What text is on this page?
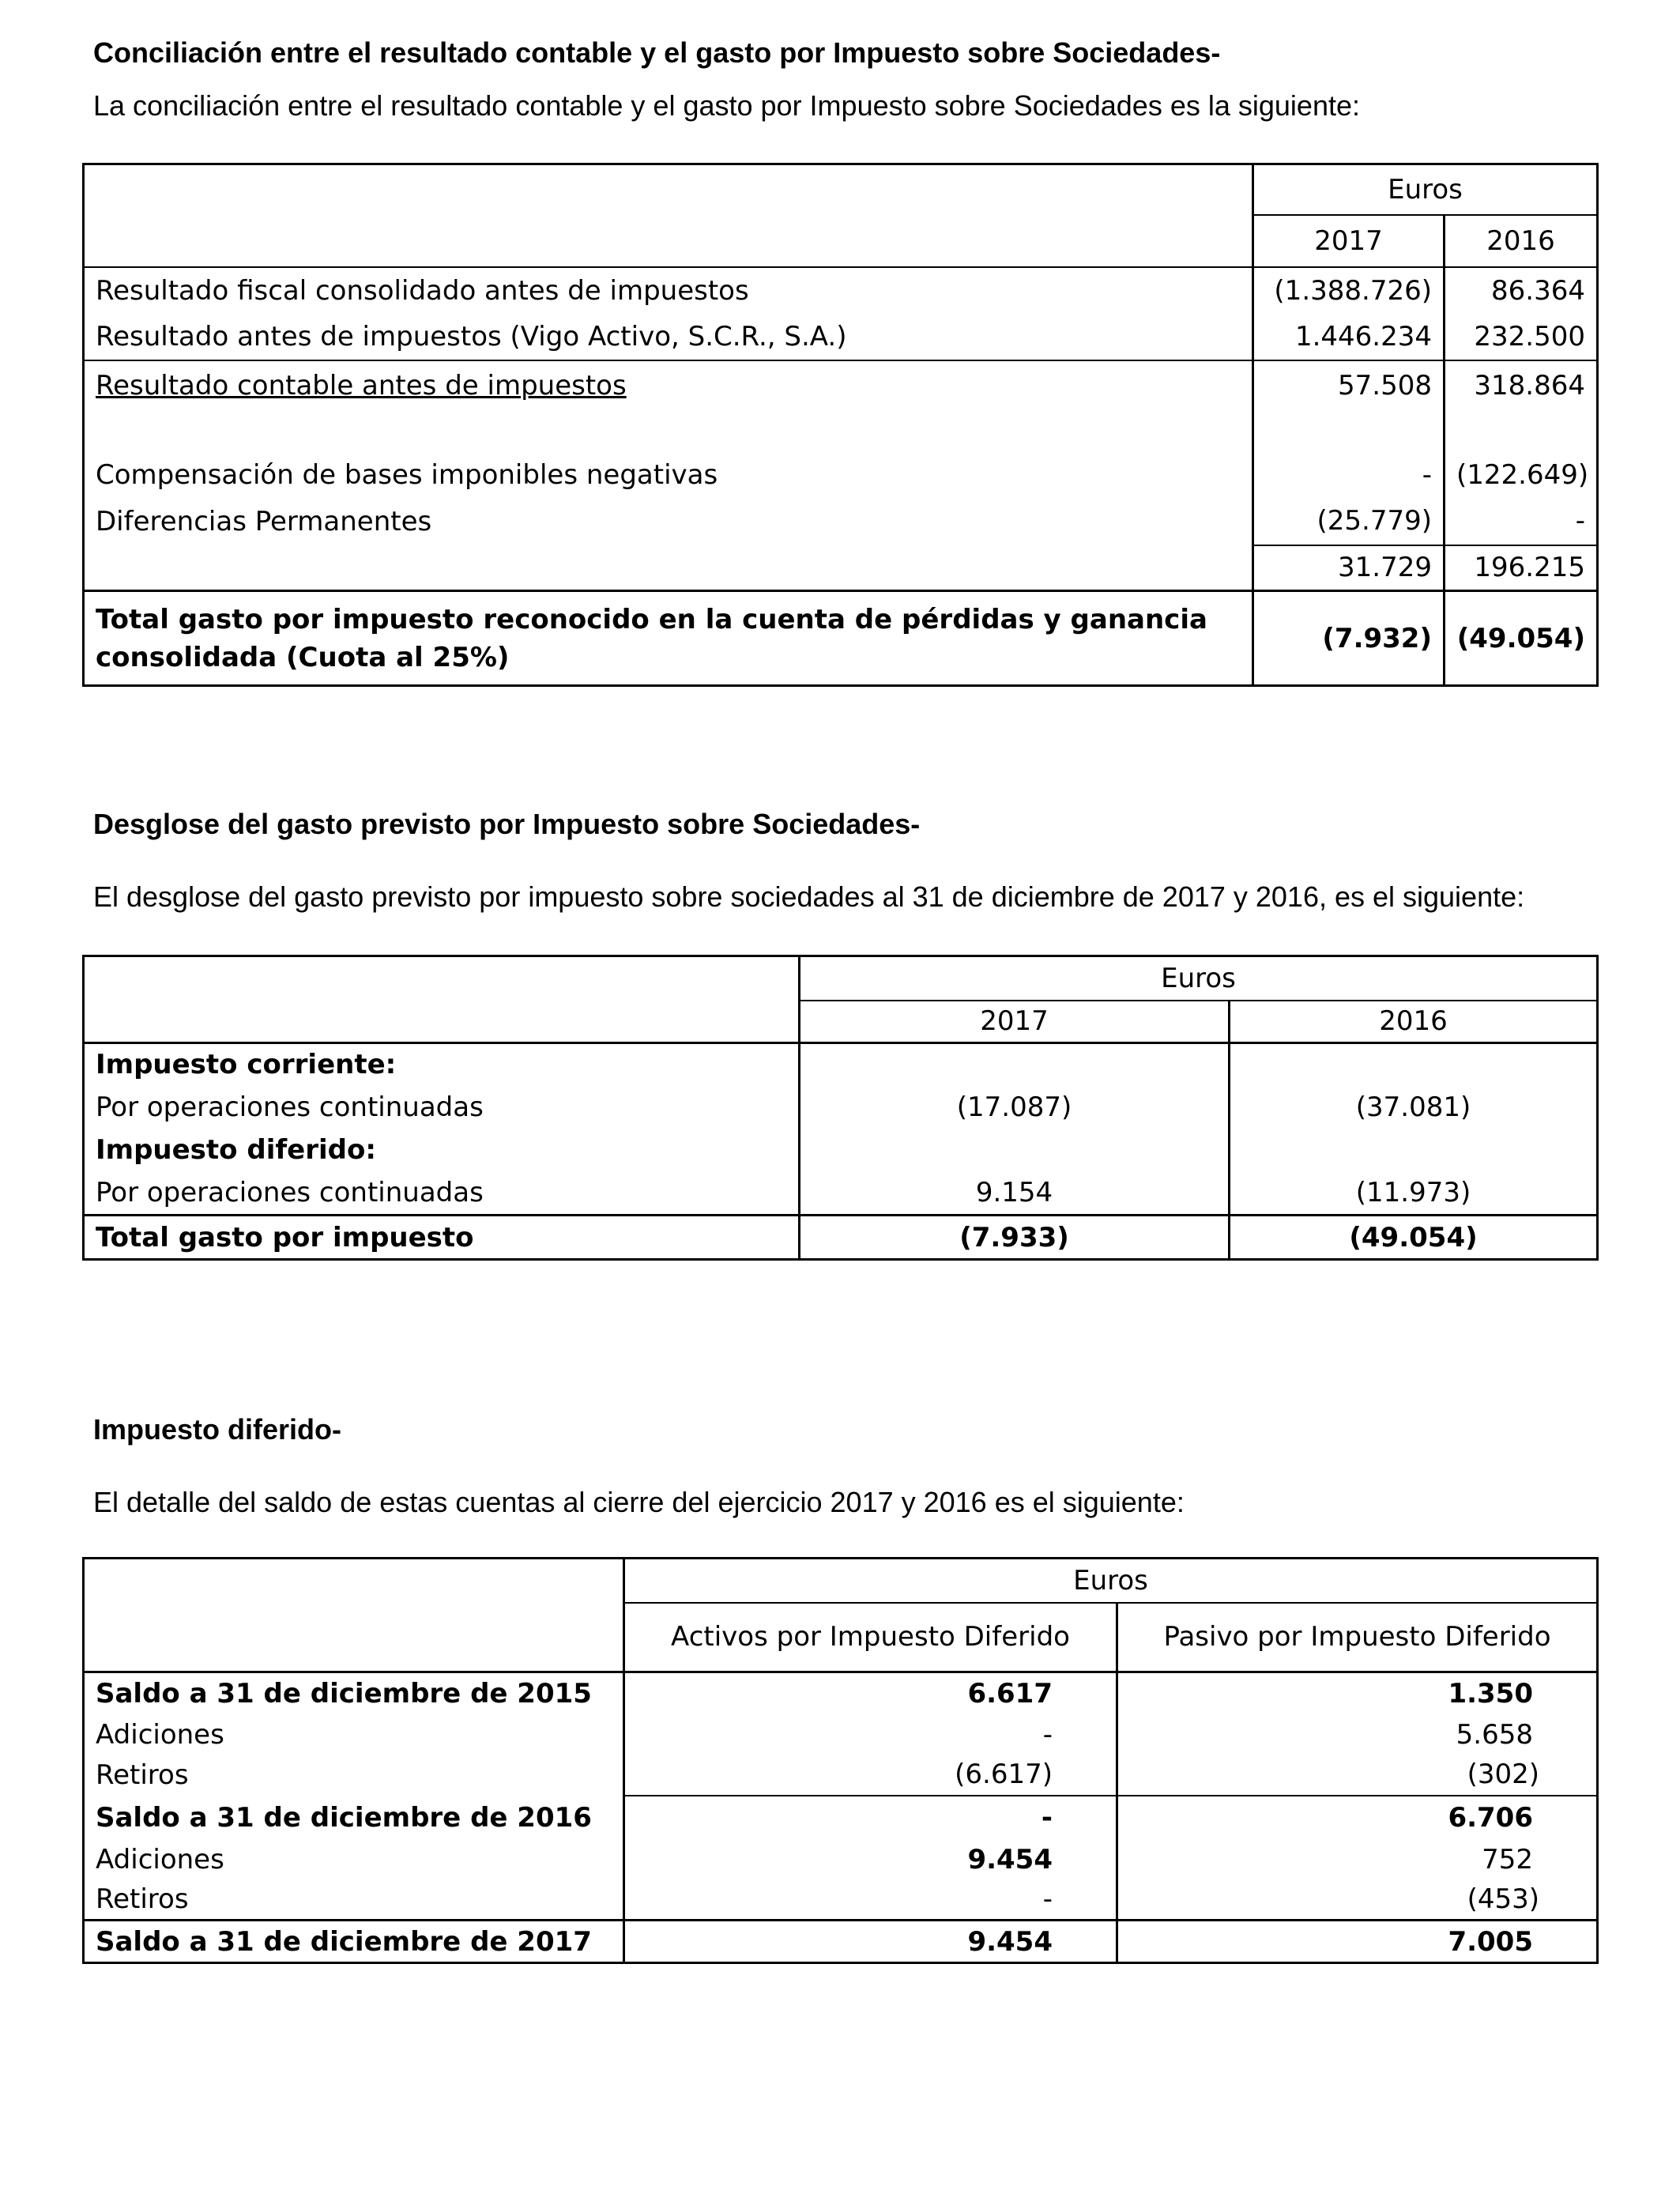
Conciliación entre el resultado contable y el gasto por Impuesto sobre Sociedades-

La conciliación entre el resultado contable y el gasto por Impuesto sobre Sociedades es la siguiente:

	Euros	
	2017	2016
Resultado fiscal consolidado antes de impuestos	(1.388.726)	86.364
Resultado antes de impuestos (Vigo Activo, S.C.R., S.A.)	1.446.234	232.500
Resultado contable antes de impuestos	57.508	318.864

Compensación de bases imponibles negativas	-	(122.649)
Diferencias Permanentes	(25.779)	-
	31.729	196.215
Total gasto por impuesto reconocido en la cuenta de pérdidas y ganancia consolidada (Cuota al 25%)	(7.932)	(49.054)

Desglose del gasto previsto por Impuesto sobre Sociedades-

El desglose del gasto previsto por impuesto sobre sociedades al 31 de diciembre de 2017 y 2016, es el siguiente:

	Euros	
	2017	2016
Impuesto corriente:		
Por operaciones continuadas	(17.087)	(37.081)
Impuesto diferido:		
Por operaciones continuadas	9.154	(11.973)
Total gasto por impuesto	(7.933)	(49.054)

Impuesto diferido-

El detalle del saldo de estas cuentas al cierre del ejercicio 2017 y 2016 es el siguiente:

	Euros	
	Activos por Impuesto Diferido	Pasivo por Impuesto Diferido
Saldo a 31 de diciembre de 2015	6.617	1.350
Adiciones	-	5.658
Retiros	(6.617)	(302)
Saldo a 31 de diciembre de 2016	-	6.706
Adiciones	9.454	752
Retiros	-	(453)
Saldo a 31 de diciembre de 2017	9.454	7.005
